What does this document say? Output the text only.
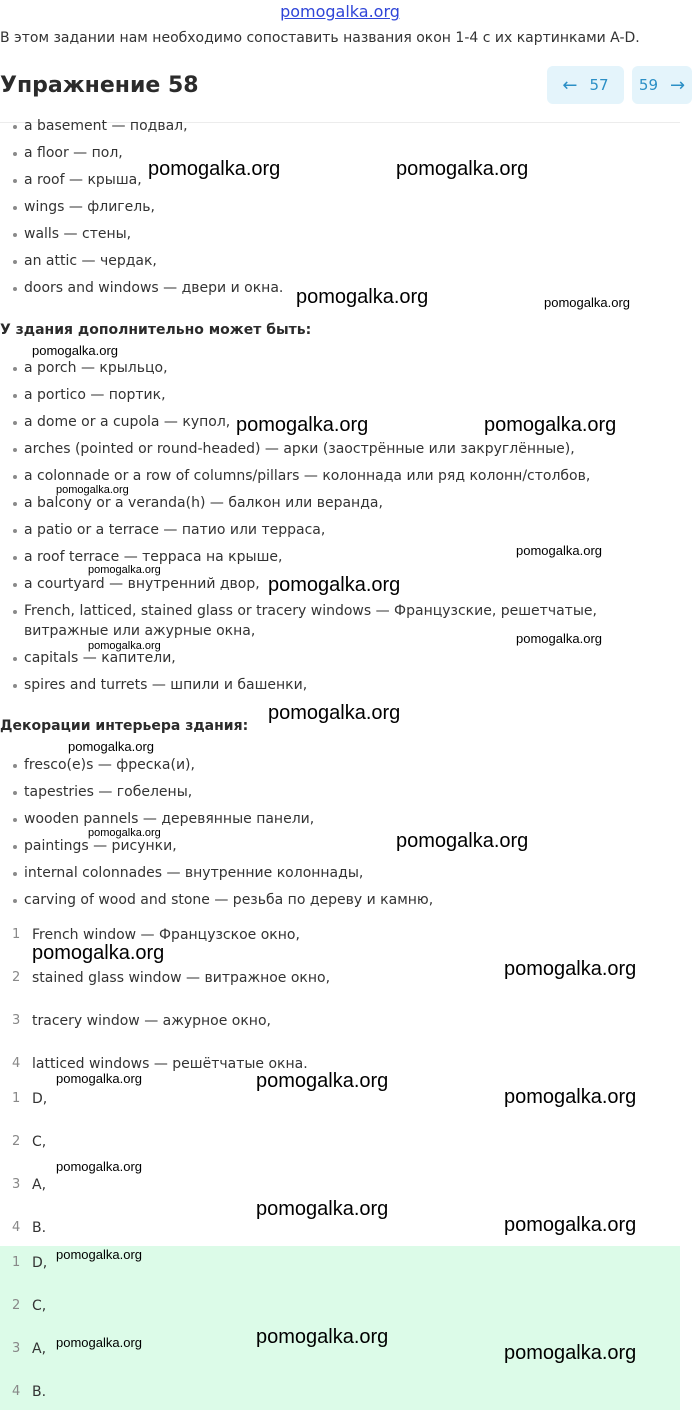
pomogalka.org
В этом задании нам необходимо сопоставить названия окон 1-4 с их картинками A-D.
Упражнение 58	← 57 59 →
a basement — подвал,
a floor — пол,
a roof — крыша,
wings — флигель,
walls — стены,
an attic — чердак,
doors and windows — двери и окна.
У здания дополнительно может быть:
a porch — крыльцо,
a portico — портик,
a dome or a cupola — купол,
arches (pointed or round-headed) — арки (заострённые или закруглённые),
a colonnade or a row of columns/pillars — колоннада или ряд колонн/столбов,
a balcony or a veranda(h) — балкон или веранда,
a patio or a terrace — патио или терраса,
a roof terrace — терраса на крыше,
a courtyard — внутренний двор,
French, latticed, stained glass or tracery windows — Французские, решетчатые, витражные или ажурные окна,
capitals — капители,
spires and turrets — шпили и башенки,
Декорации интерьера здания:
fresco(e)s — фреска(и),
tapestries — гобелены,
wooden pannels — деревянные панели,
paintings — рисунки,
internal colonnades — внутренние колоннады,
carving of wood and stone — резьба по дереву и камню,
1 French window — Французское окно,
2 stained glass window — витражное окно,
3 tracery window — ажурное окно,
4 latticed windows — решётчатые окна.
1 D,
2 C,
3 A,
4 B.
1 D,
2 C,
3 A,
4 B.
pomogalka.org	pomogalka.org
pomogalka.org	pomogalka.org
pomogalka.org
pomogalka.org	pomogalka.org
pomogalka.org
pomogalka.org
pomogalka.org
pomogalka.org
pomogalka.org
pomogalka.org
pomogalka.org
pomogalka.org
pomogalka.org	pomogalka.org
pomogalka.org
pomogalka.org
pomogalka.org	pomogalka.org
pomogalka.org
pomogalka.org
pomogalka.org
pomogalka.org
pomogalka.org
pomogalka.org	pomogalka.org
pomogalka.org
